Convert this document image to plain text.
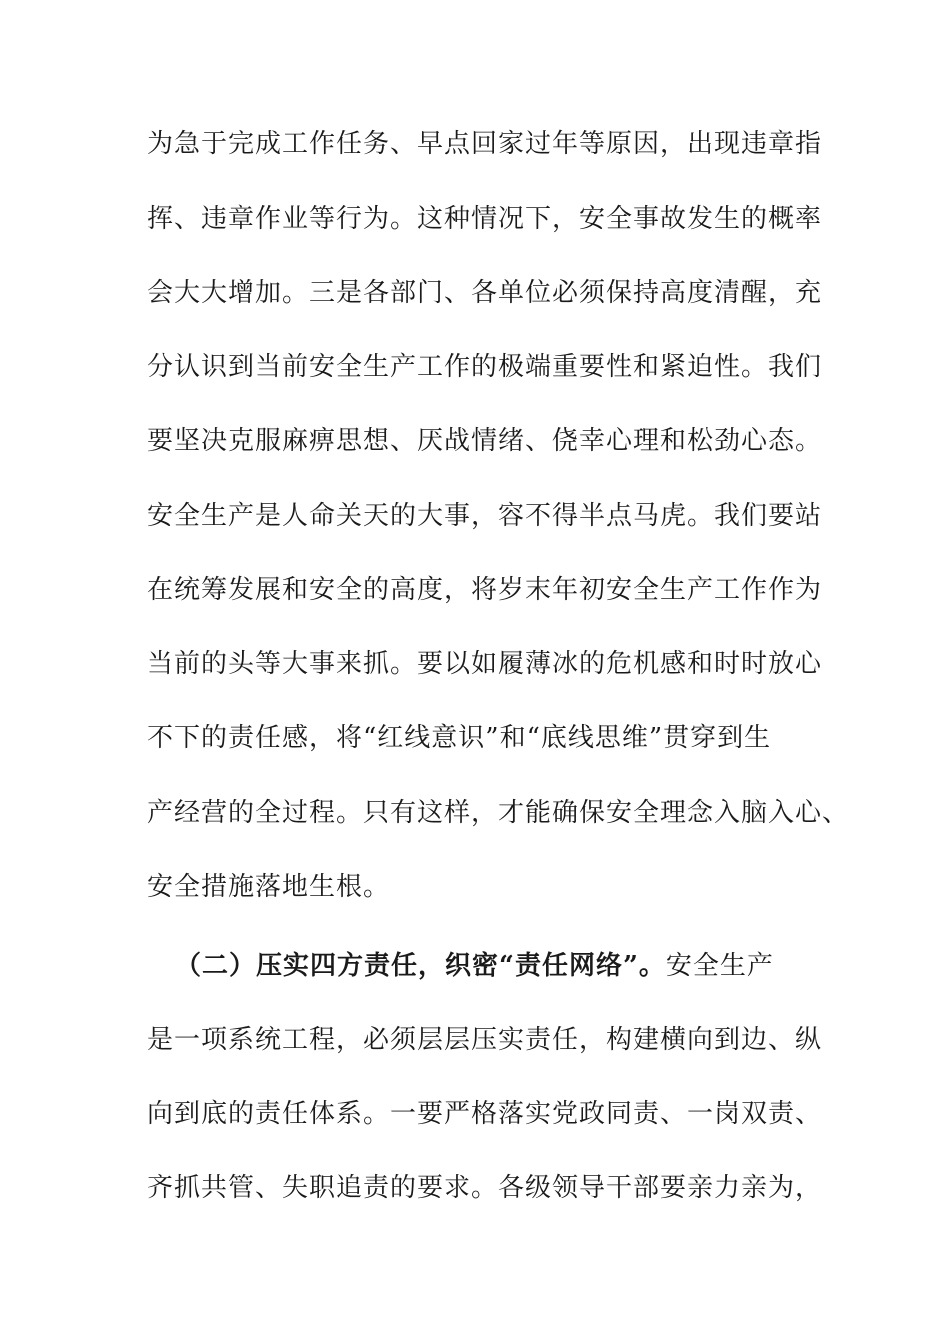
为急于完成工作任务、早点回家过年等原因，出现违章指
挥、违章作业等行为。这种情况下，安全事故发生的概率
会大大增加。三是各部门、各单位必须保持高度清醒，充
分认识到当前安全生产工作的极端重要性和紧迫性。我们
要坚决克服麻痹思想、厌战情绪、侥幸心理和松劲心态。
安全生产是人命关天的大事，容不得半点马虎。我们要站
在统筹发展和安全的高度，将岁末年初安全生产工作作为
当前的头等大事来抓。要以如履薄冰的危机感和时时放心
不下的责任感，将“红线意识”和“底线思维”贯穿到生
产经营的全过程。只有这样，才能确保安全理念入脑入心、
安全措施落地生根。
（二）压实四方责任，织密“责任网络”。安全生产
是一项系统工程，必须层层压实责任，构建横向到边、纵
向到底的责任体系。一要严格落实党政同责、一岗双责、
齐抓共管、失职追责的要求。各级领导干部要亲力亲为，
